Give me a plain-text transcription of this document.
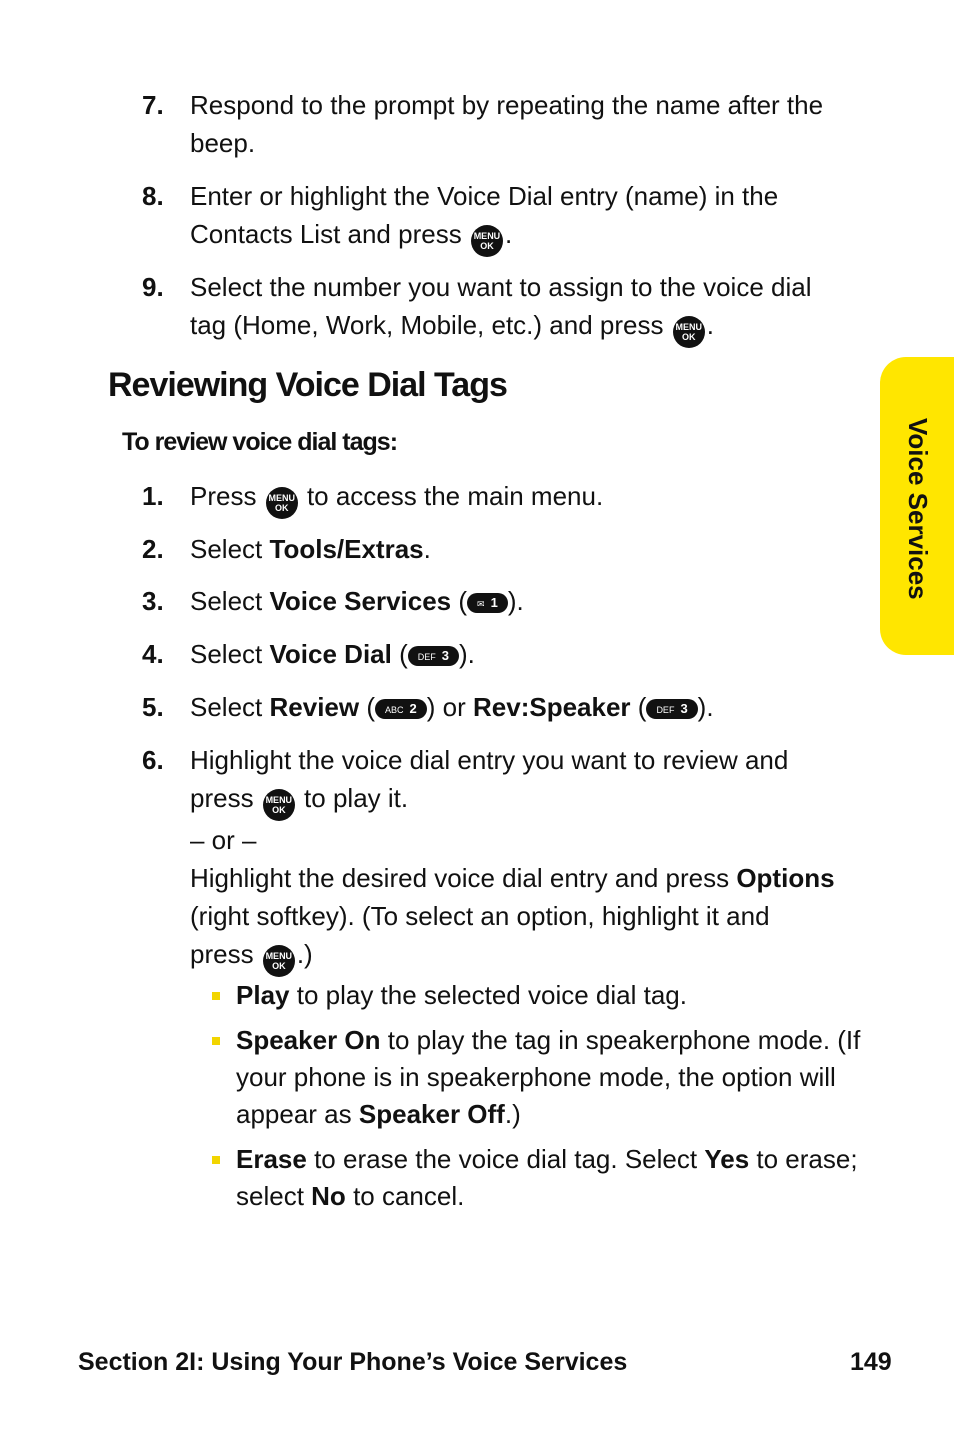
7. Respond to the prompt by repeating the name after the
beep.
8. Enter or highlight the Voice Dial entry (name) in the
Contacts List and press MENU
OK .
9. Select the number you want to assign to the voice dial
tag (Home, Work, Mobile, etc.) and press MENU
OK .
Reviewing Voice Dial Tags
To review voice dial tags:
1. Press MENU
OK to access the main menu.
2. Select Tools/Extras.
3. Select Voice Services ( ✉ 1 ).
4. Select Voice Dial ( DEF 3 ).
5. Select Review ( ABC 2 ) or Rev:Speaker ( DEF 3 ).
6. Highlight the voice dial entry you want to review and
press MENU
OK to play it.
– or –
Highlight the desired voice dial entry and press Options
(right softkey). (To select an option, highlight it and
press MENU
OK .)
Play to play the selected voice dial tag.
Speaker On to play the tag in speakerphone mode. (If your phone is in speakerphone mode, the option will appear as Speaker Off.)
Erase to erase the voice dial tag. Select Yes to erase; select No to cancel.
Voice Services
Section 2I: Using Your Phone’s Voice Services	149
